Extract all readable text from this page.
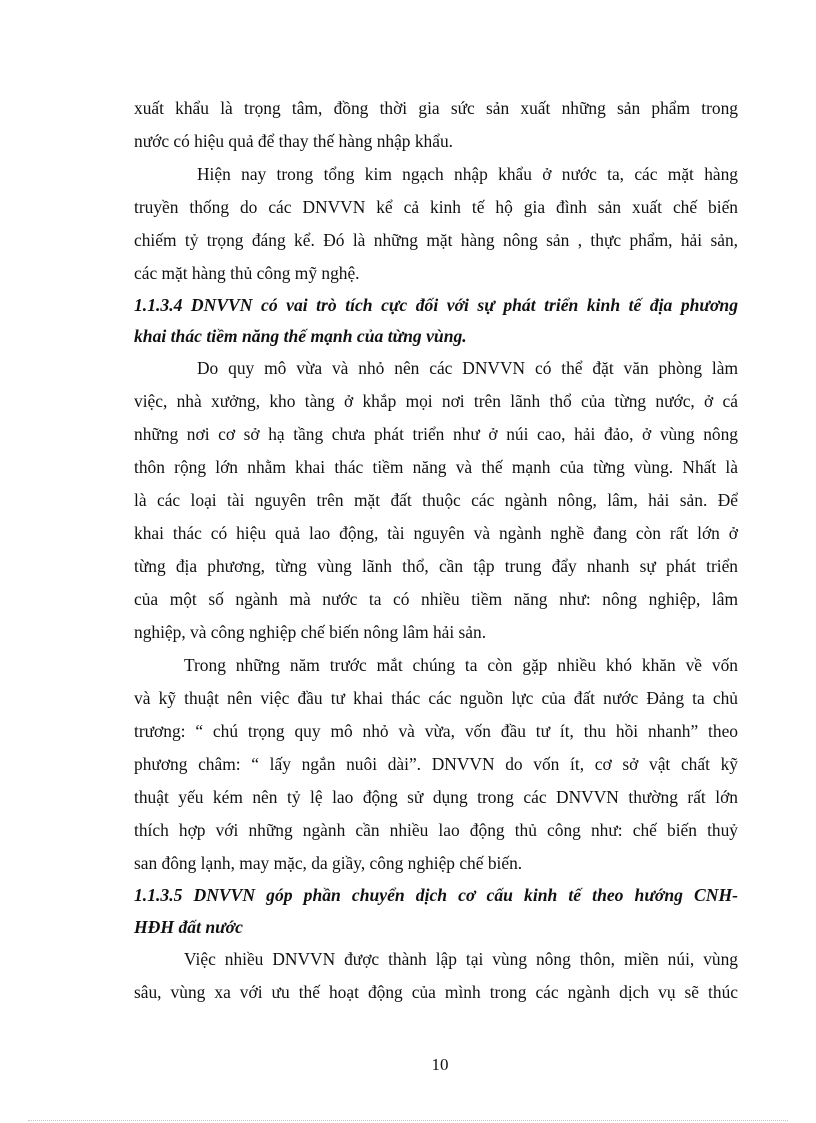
xuất khẩu là trọng tâm, đồng thời gia sức sản xuất những sản phẩm trong
nước có hiệu quả để thay thế hàng nhập khẩu.
Hiện nay trong tổng kim ngạch nhập khẩu ở nước ta, các mặt hàng
truyền thống do các DNVVN kể cả kinh tế hộ gia đình sản xuất chế biến
chiếm tỷ trọng đáng kể. Đó là những mặt hàng nông sản , thực phẩm, hải sản,
các mặt hàng thủ công mỹ nghệ.
1.1.3.4 DNVVN có vai trò tích cực đối với sự phát triển kinh tế địa phương
khai thác tiềm năng thế mạnh của từng vùng.
Do quy mô vừa và nhỏ nên các DNVVN có thể đặt văn phòng làm
việc, nhà xưởng, kho tàng ở khắp mọi nơi trên lãnh thổ của từng nước, ở cá
những nơi cơ sở hạ tầng chưa phát triển như ở núi cao, hải đảo, ở vùng nông
thôn rộng lớn nhằm khai thác tiềm năng và thế mạnh của từng vùng. Nhất là
là các loại tài nguyên trên mặt đất thuộc các ngành nông, lâm, hải sản. Để
khai thác có hiệu quả lao động, tài nguyên và ngành nghề đang còn rất lớn ở
từng địa phương, từng vùng lãnh thổ, cần tập trung đẩy nhanh sự phát triển
của một số ngành mà nước ta có nhiều tiềm năng như: nông nghiệp, lâm
nghiệp, và công nghiệp chế biến nông lâm hải sản.
Trong những năm trước mắt chúng ta còn gặp nhiều khó khăn về vốn
và kỹ thuật nên việc đầu tư khai thác các nguồn lực của đất nước Đảng ta chủ
trương: “ chú trọng quy mô nhỏ và vừa, vốn đầu tư ít, thu hồi nhanh” theo
phương châm: “ lấy ngắn nuôi dài”. DNVVN do vốn ít, cơ sở vật chất kỹ
thuật yếu kém nên tỷ lệ lao động sử dụng trong các DNVVN thường rất lớn
thích hợp với những ngành cần nhiều lao động thủ công như: chế biến thuỷ
san đông lạnh, may mặc, da giầy, công nghiệp chế biến.
1.1.3.5 DNVVN góp phần chuyển dịch cơ cấu kinh tế theo hướng CNH-
HĐH đất nước
Việc nhiều DNVVN được thành lập tại vùng nông thôn, miền núi, vùng
sâu, vùng xa với ưu thế hoạt động của mình trong các ngành dịch vụ sẽ thúc
10
